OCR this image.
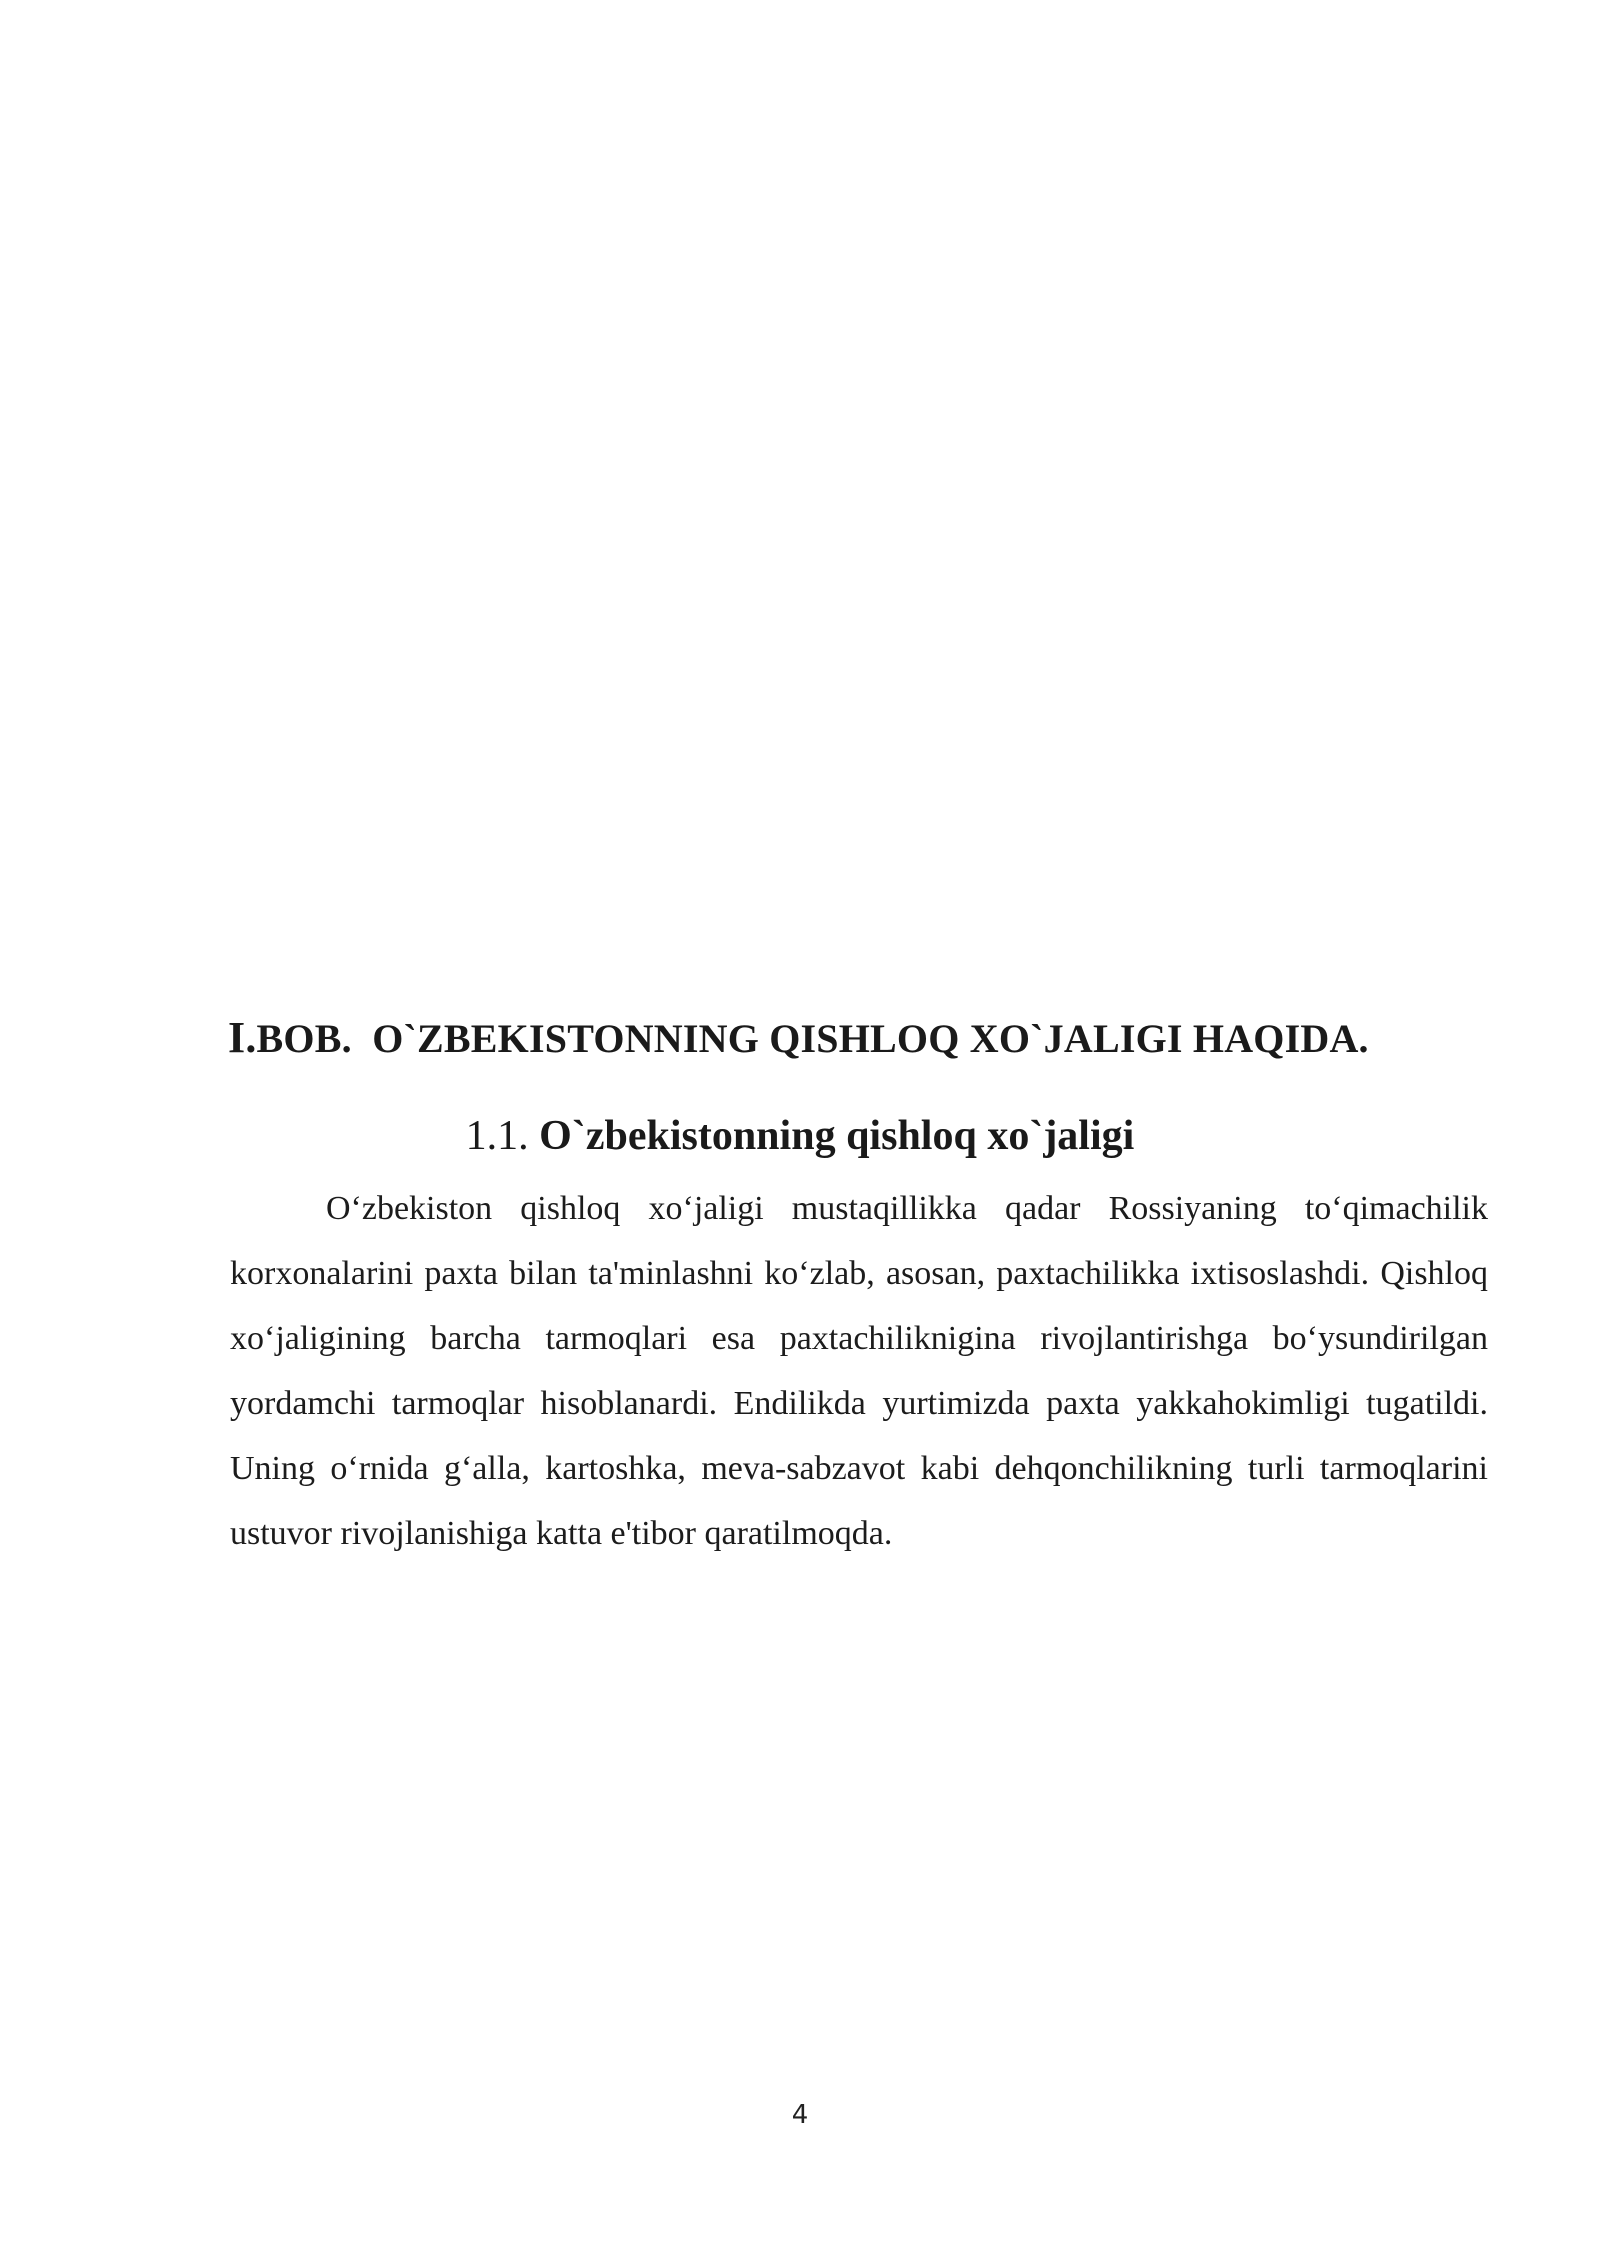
I.BOB.  O`ZBEKISTONNING QISHLOQ XO`JALIGI HAQIDA.
1.1. O`zbekistonning qishloq xo`jaligi

O‘zbekiston qishloq xo‘jaligi mustaqillikka qadar Rossiyaning to‘qimachilik korxonalarini paxta bilan ta'minlashni ko‘zlab, asosan, paxtachilikka ixtisoslashdi. Qishloq xo‘jaligining barcha tarmoqlari esa paxtachiliknigina rivojlantirishga bo‘ysundirilgan yordamchi tarmoqlar hisoblanardi. Endilikda yurtimizda paxta yakkahokimligi tugatildi. Uning o‘rnida g‘alla, kartoshka, meva-sabzavot kabi dehqonchilikning turli tarmoqlarini ustuvor rivojlanishiga katta e'tibor qaratilmoqda.

4
